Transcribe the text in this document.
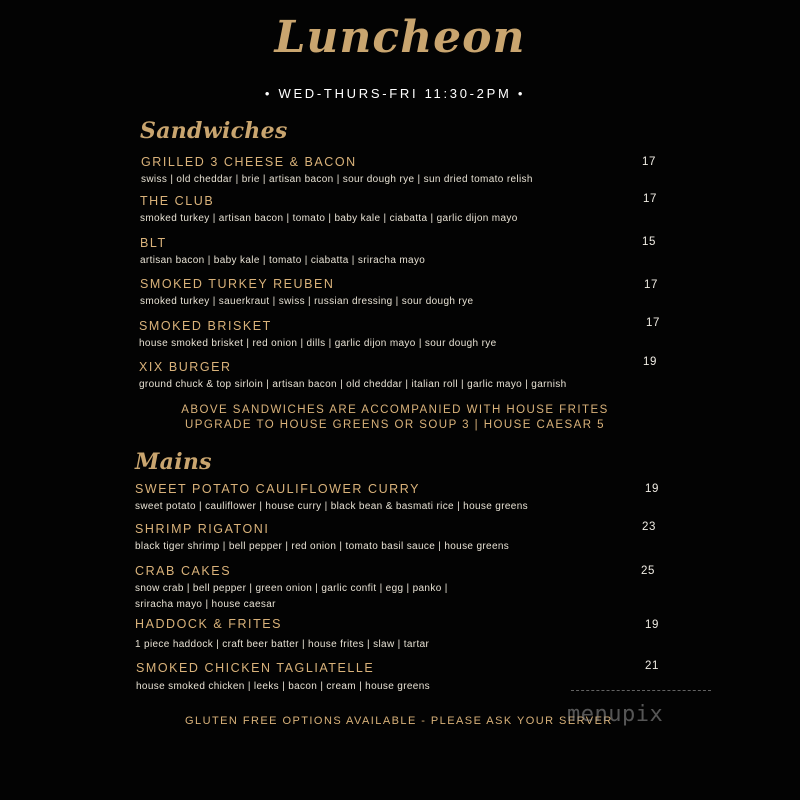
Luncheon
• WED-THURS-FRI 11:30-2PM •
Sandwiches
GRILLED 3 CHEESE & BACON
swiss | old cheddar | brie | artisan bacon | sour dough rye | sun dried tomato relish
17
THE CLUB
smoked turkey | artisan bacon | tomato | baby kale | ciabatta | garlic dijon mayo
17
BLT
artisan bacon | baby kale | tomato | ciabatta | sriracha mayo
15
SMOKED TURKEY REUBEN
smoked turkey | sauerkraut | swiss | russian dressing | sour dough rye
17
SMOKED BRISKET
house smoked brisket | red onion | dills | garlic dijon mayo | sour dough rye
17
XIX BURGER
ground chuck & top sirloin | artisan bacon | old cheddar | italian roll | garlic mayo | garnish
19
ABOVE SANDWICHES ARE ACCOMPANIED WITH HOUSE FRITES
UPGRADE TO HOUSE GREENS OR SOUP 3 | HOUSE CAESAR 5
Mains
SWEET POTATO CAULIFLOWER CURRY
sweet potato | cauliflower | house curry | black bean & basmati rice | house greens
19
SHRIMP RIGATONI
black tiger shrimp | bell pepper | red onion | tomato basil sauce | house greens
23
CRAB CAKES
snow crab | bell pepper | green onion | garlic confit | egg | panko |
sriracha mayo | house caesar
25
HADDOCK & FRITES
1 piece haddock | craft beer batter | house frites | slaw | tartar
19
SMOKED CHICKEN TAGLIATELLE
house smoked chicken | leeks | bacon | cream | house greens
21
GLUTEN FREE OPTIONS AVAILABLE - PLEASE ASK YOUR SERVER
menupix
